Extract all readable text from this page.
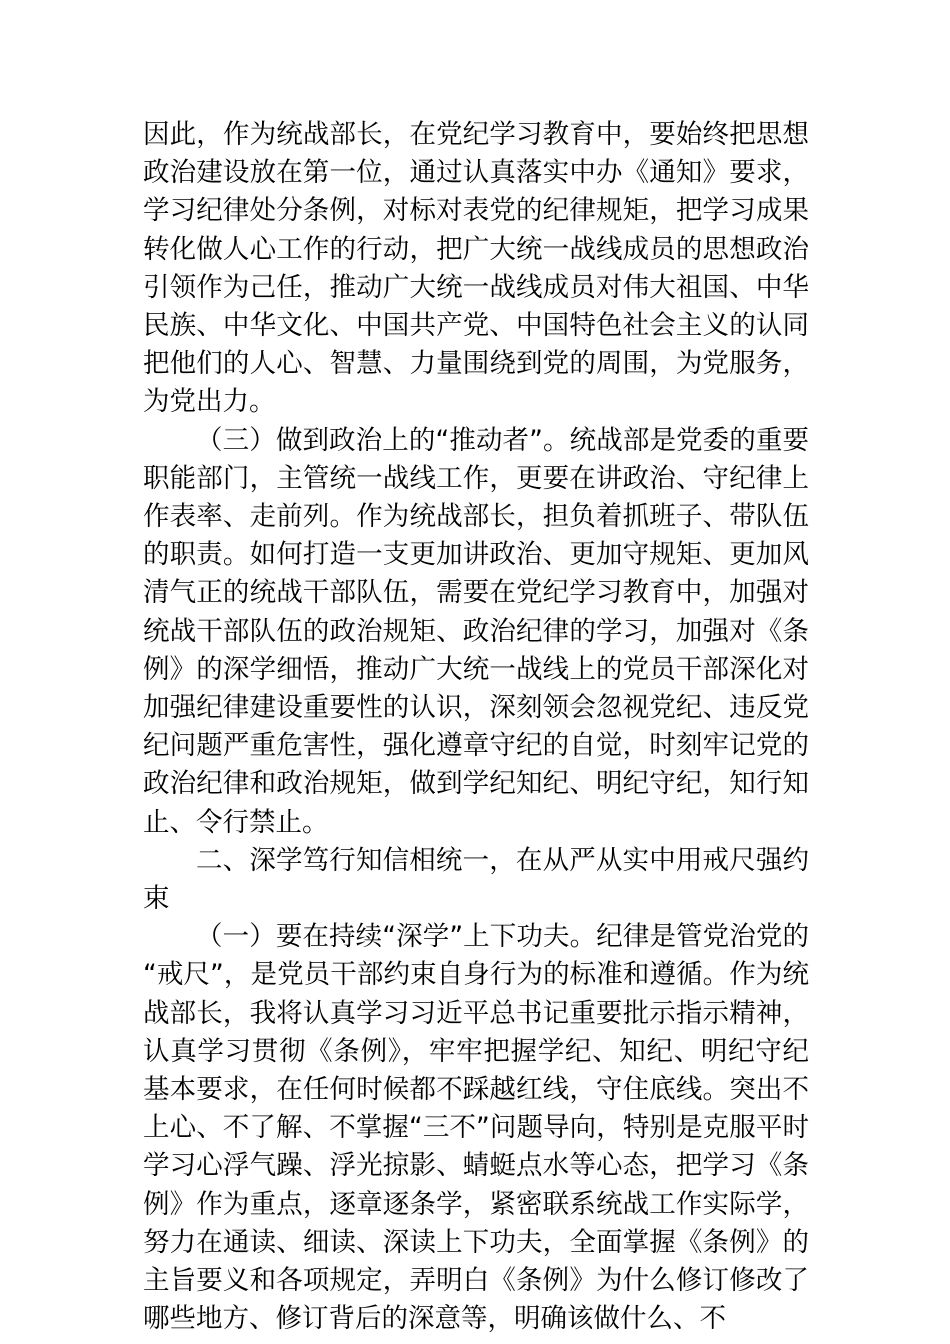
因此，作为统战部长，在党纪学习教育中，要始终把思想政治建设放在第一位，通过认真落实中办《通知》要求，学习纪律处分条例，对标对表党的纪律规矩，把学习成果转化做人心工作的行动，把广大统一战线成员的思想政治引领作为己任，推动广大统一战线成员对伟大祖国、中华民族、中华文化、中国共产党、中国特色社会主义的认同把他们的人心、智慧、力量围绕到党的周围，为党服务，为党出力。

（三）做到政治上的“推动者”。统战部是党委的重要职能部门，主管统一战线工作，更要在讲政治、守纪律上作表率、走前列。作为统战部长，担负着抓班子、带队伍的职责。如何打造一支更加讲政治、更加守规矩、更加风清气正的统战干部队伍，需要在党纪学习教育中，加强对统战干部队伍的政治规矩、政治纪律的学习，加强对《条例》的深学细悟，推动广大统一战线上的党员干部深化对加强纪律建设重要性的认识，深刻领会忽视党纪、违反党纪问题严重危害性，强化遵章守纪的自觉，时刻牢记党的政治纪律和政治规矩，做到学纪知纪、明纪守纪，知行知止、令行禁止。

二、深学笃行知信相统一，在从严从实中用戒尺强约束

（一）要在持续“深学”上下功夫。纪律是管党治党的“戒尺”，是党员干部约束自身行为的标准和遵循。作为统战部长，我将认真学习习近平总书记重要批示指示精神，认真学习贯彻《条例》，牢牢把握学纪、知纪、明纪守纪基本要求，在任何时候都不踩越红线，守住底线。突出不上心、不了解、不掌握“三不”问题导向，特别是克服平时学习心浮气躁、浮光掠影、蜻蜓点水等心态，把学习《条例》作为重点，逐章逐条学，紧密联系统战工作实际学，努力在通读、细读、深读上下功夫，全面掌握《条例》的主旨要义和各项规定，弄明白《条例》为什么修订修改了哪些地方、修订背后的深意等，明确该做什么、不
